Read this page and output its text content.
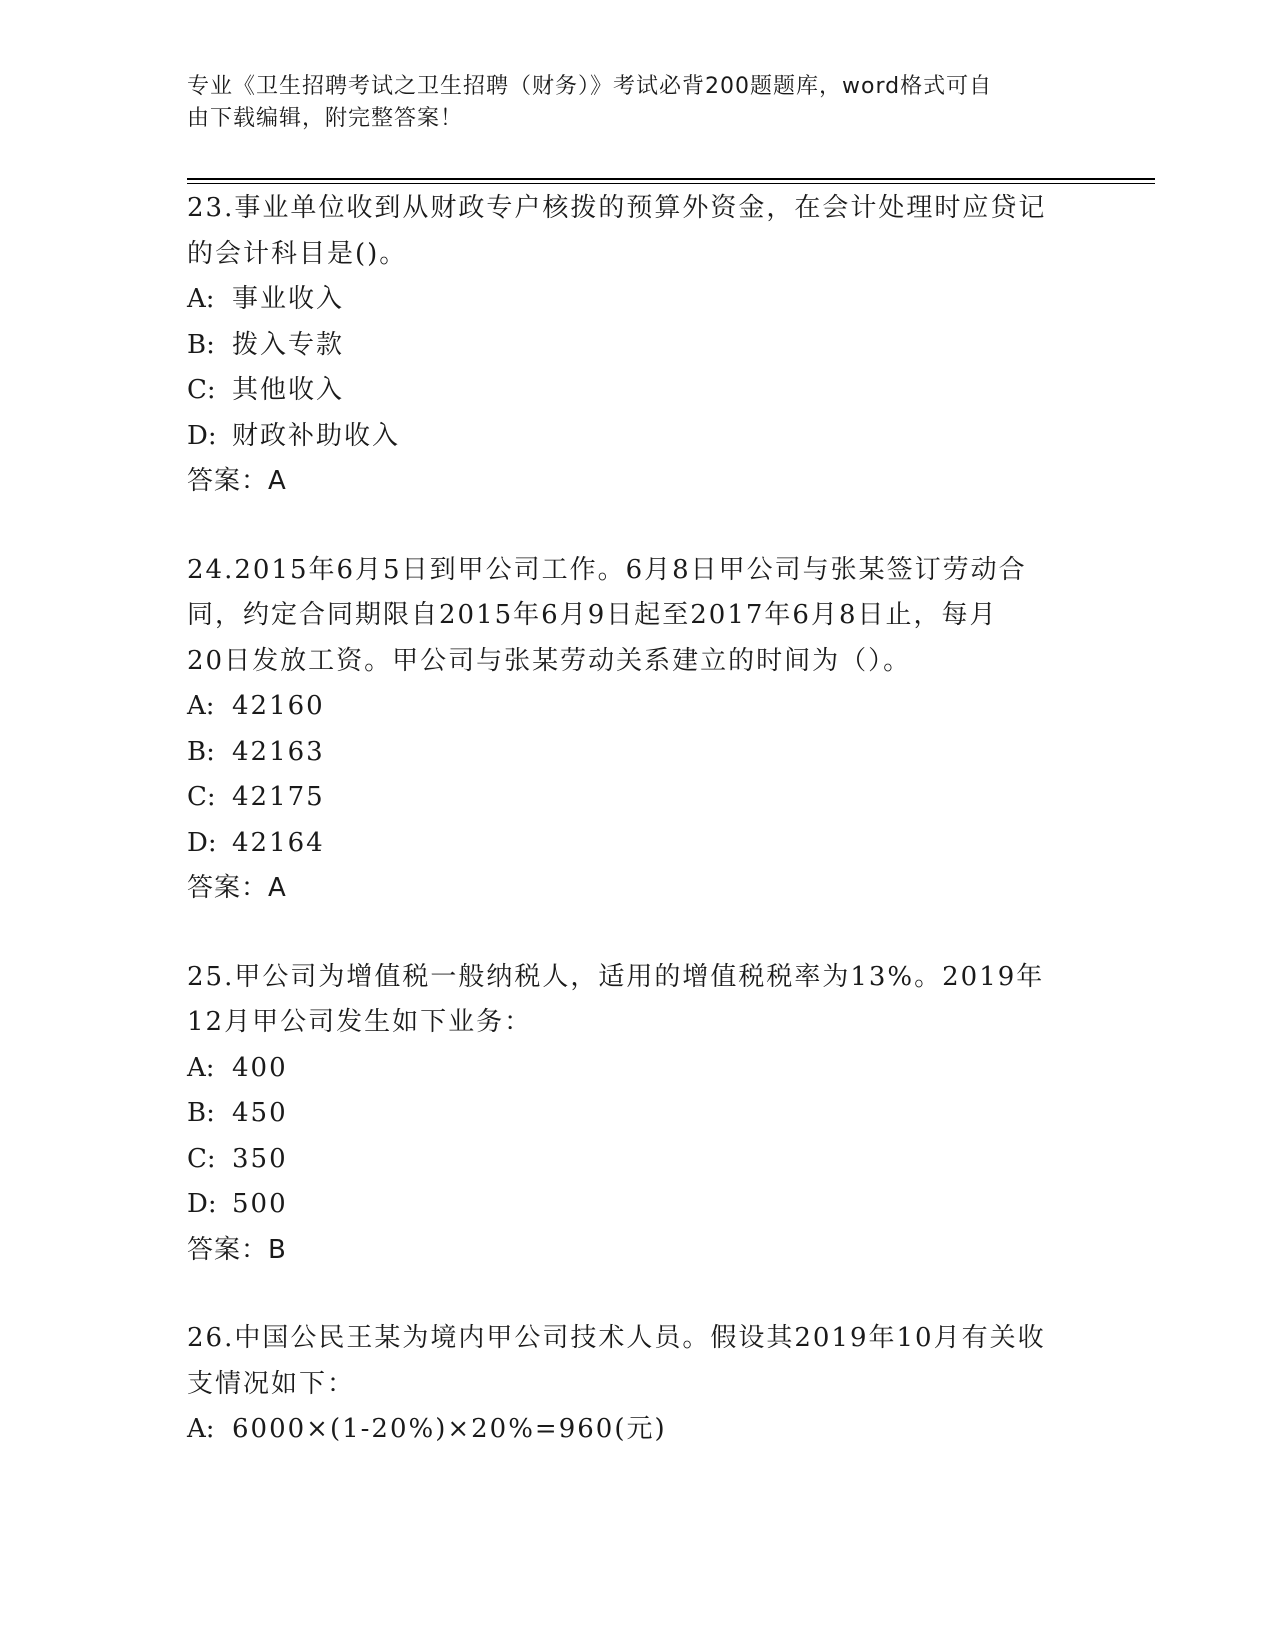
专业《卫生招聘考试之卫生招聘（财务）》考试必背200题题库，word格式可自
由下载编辑，附完整答案！
23.事业单位收到从财政专户核拨的预算外资金，在会计处理时应贷记
的会计科目是()。
A: 事业收入
B: 拨入专款
C: 其他收入
D: 财政补助收入
答案：A
24.2015年6月5日到甲公司工作。6月8日甲公司与张某签订劳动合
同，约定合同期限自2015年6月9日起至2017年6月8日止，每月
20日发放工资。甲公司与张某劳动关系建立的时间为（）。
A: 42160
B: 42163
C: 42175
D: 42164
答案：A
25.甲公司为增值税一般纳税人，适用的增值税税率为13%。2019年
12月甲公司发生如下业务：
A: 400
B: 450
C: 350
D: 500
答案：B
26.中国公民王某为境内甲公司技术人员。假设其2019年10月有关收
支情况如下：
A: 6000×(1-20%)×20%=960(元)
